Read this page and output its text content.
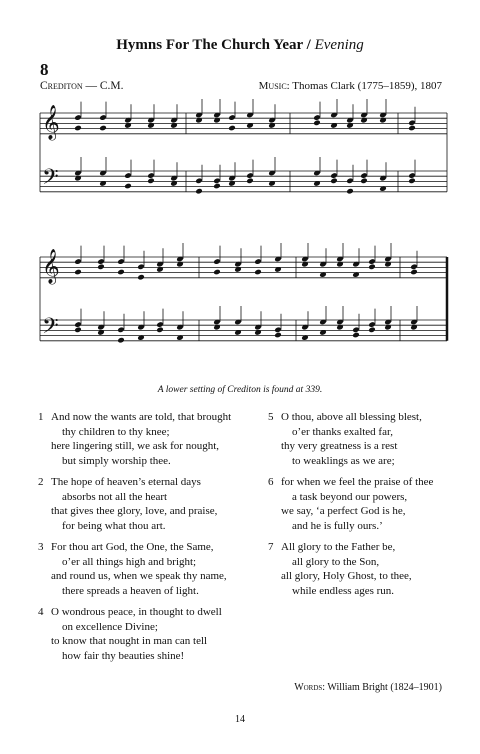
Hymns For The Church Year / Evening
8
Crediton — C.M.	Music: Thomas Clark (1775–1859), 1807
𝄞
𝄢
𝄞
𝄢
A lower setting of Crediton is found at 339.
1 And now the wants are told, that brought
thy children to thy knee;
here lingering still, we ask for nought,
but simply worship thee.
2 The hope of heaven’s eternal days
absorbs not all the heart
that gives thee glory, love, and praise,
for being what thou art.
3 For thou art God, the One, the Same,
o’er all things high and bright;
and round us, when we speak thy name,
there spreads a heaven of light.
4 O wondrous peace, in thought to dwell
on excellence Divine;
to know that nought in man can tell
how fair thy beauties shine!
5 O thou, above all blessing blest,
o’er thanks exalted far,
thy very greatness is a rest
to weaklings as we are;
6 for when we feel the praise of thee
a task beyond our powers,
we say, ‘a perfect God is he,
and he is fully ours.’
7 All glory to the Father be,
all glory to the Son,
all glory, Holy Ghost, to thee,
while endless ages run.
Words: William Bright (1824–1901)
14
